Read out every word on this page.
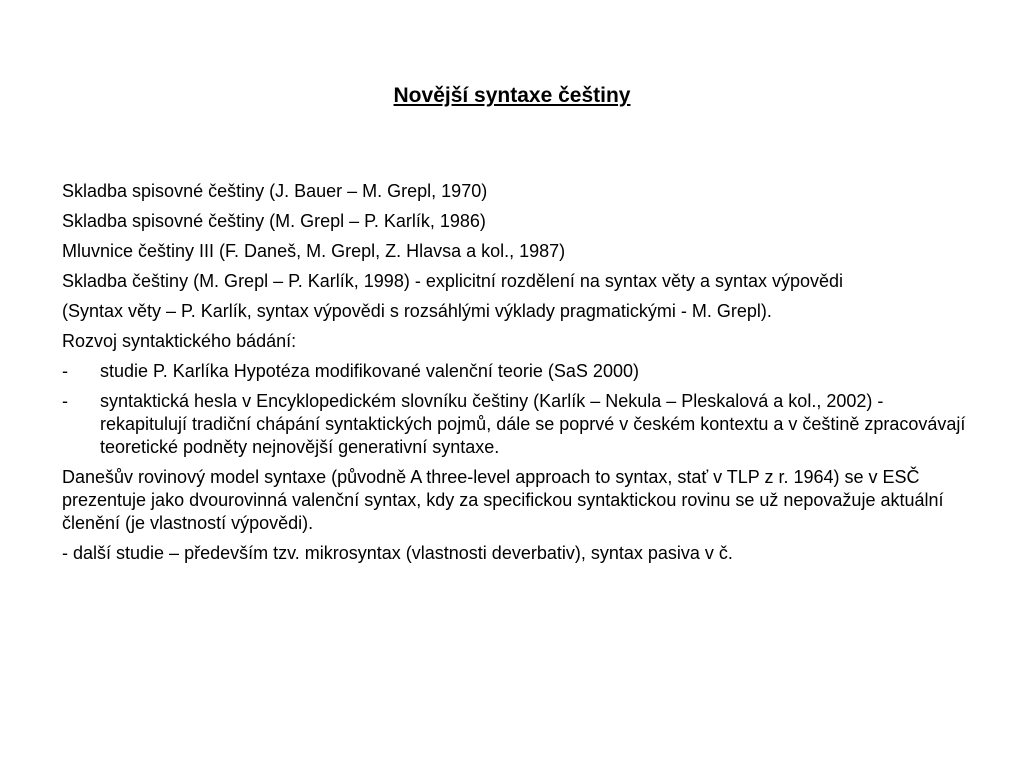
Novější syntaxe češtiny

Skladba spisovné češtiny (J. Bauer – M. Grepl, 1970)

Skladba spisovné češtiny (M. Grepl – P. Karlík, 1986)

Mluvnice češtiny III (F. Daneš, M. Grepl, Z. Hlavsa a kol., 1987)

Skladba češtiny (M. Grepl – P. Karlík, 1998) - explicitní rozdělení na syntax věty a syntax výpovědi

(Syntax věty – P. Karlík, syntax výpovědi s rozsáhlými výklady pragmatickými - M. Grepl).

Rozvoj syntaktického bádání:

-	studie P. Karlíka Hypotéza modifikované valenční teorie (SaS 2000)
-	syntaktická hesla v Encyklopedickém slovníku češtiny (Karlík – Nekula – Pleskalová a kol., 2002) - rekapitulují tradiční chápání syntaktických pojmů, dále se poprvé v českém kontextu a v češtině zpracovávají teoretické podněty nejnovější generativní syntaxe.

Danešův rovinový model syntaxe (původně A three-level approach to syntax, stať v TLP z r. 1964) se v ESČ prezentuje jako dvourovinná valenční syntax, kdy za specifickou syntaktickou rovinu se už nepovažuje aktuální členění (je vlastností výpovědi).

- další studie – především tzv. mikrosyntax (vlastnosti deverbativ), syntax pasiva v č.
